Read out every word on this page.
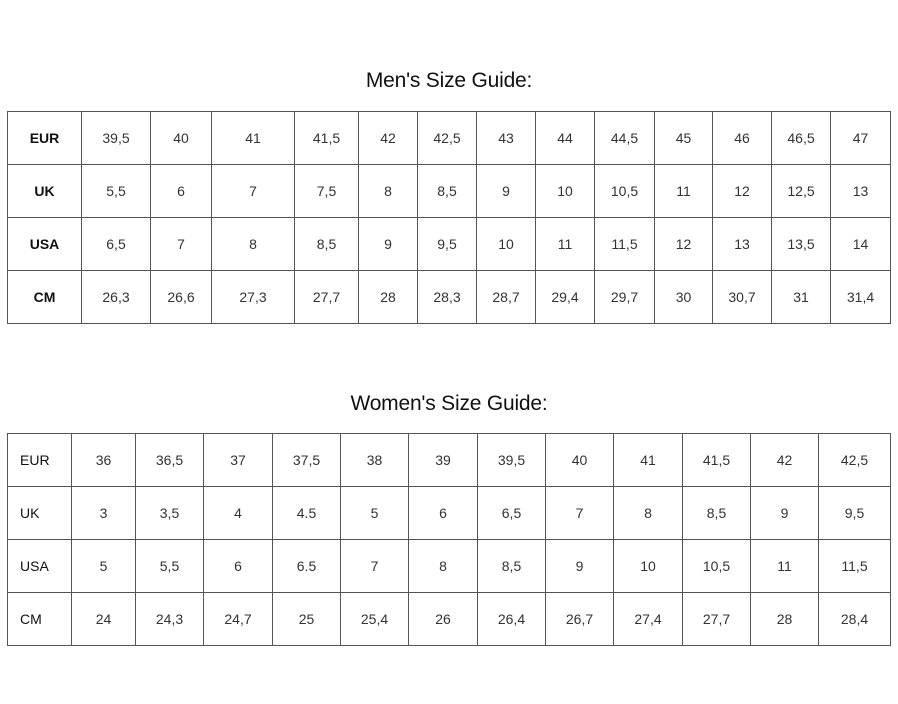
Men's Size Guide:
EUR	39,5	40	41	41,5	42	42,5	43	44	44,5	45	46	46,5	47
UK	5,5	6	7	7,5	8	8,5	9	10	10,5	11	12	12,5	13
USA	6,5	7	8	8,5	9	9,5	10	11	11,5	12	13	13,5	14
CM	26,3	26,6	27,3	27,7	28	28,3	28,7	29,4	29,7	30	30,7	31	31,4
Women's Size Guide:
EUR	36	36,5	37	37,5	38	39	39,5	40	41	41,5	42	42,5
UK	3	3,5	4	4.5	5	6	6,5	7	8	8,5	9	9,5
USA	5	5,5	6	6.5	7	8	8,5	9	10	10,5	11	11,5
CM	24	24,3	24,7	25	25,4	26	26,4	26,7	27,4	27,7	28	28,4
